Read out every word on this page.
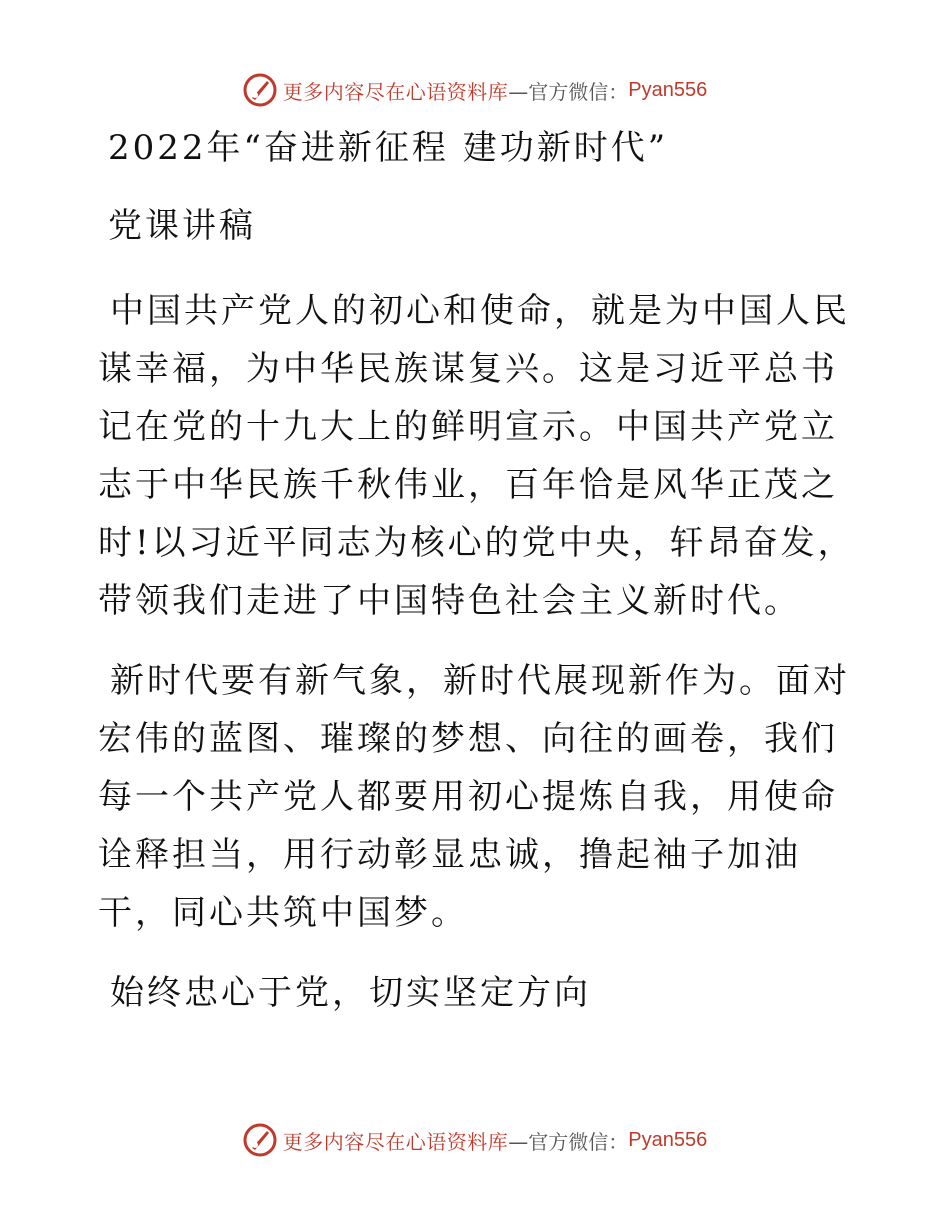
更多内容尽在心语资料库 —官方微信： Pyan556
2022年“奋进新征程 建功新时代”
党课讲稿

中国共产党人的初心和使命，就是为中国人民谋幸福，为中华民族谋复兴。这是习近平总书记在党的十九大上的鲜明宣示。中国共产党立志于中华民族千秋伟业，百年恰是风华正茂之时!以习近平同志为核心的党中央，轩昂奋发，带领我们走进了中国特色社会主义新时代。

新时代要有新气象，新时代展现新作为。面对宏伟的蓝图、璀璨的梦想、向往的画卷，我们每一个共产党人都要用初心提炼自我，用使命诠释担当，用行动彰显忠诚，撸起袖子加油干，同心共筑中国梦。

始终忠心于党，切实坚定方向

更多内容尽在心语资料库 —官方微信： Pyan556
